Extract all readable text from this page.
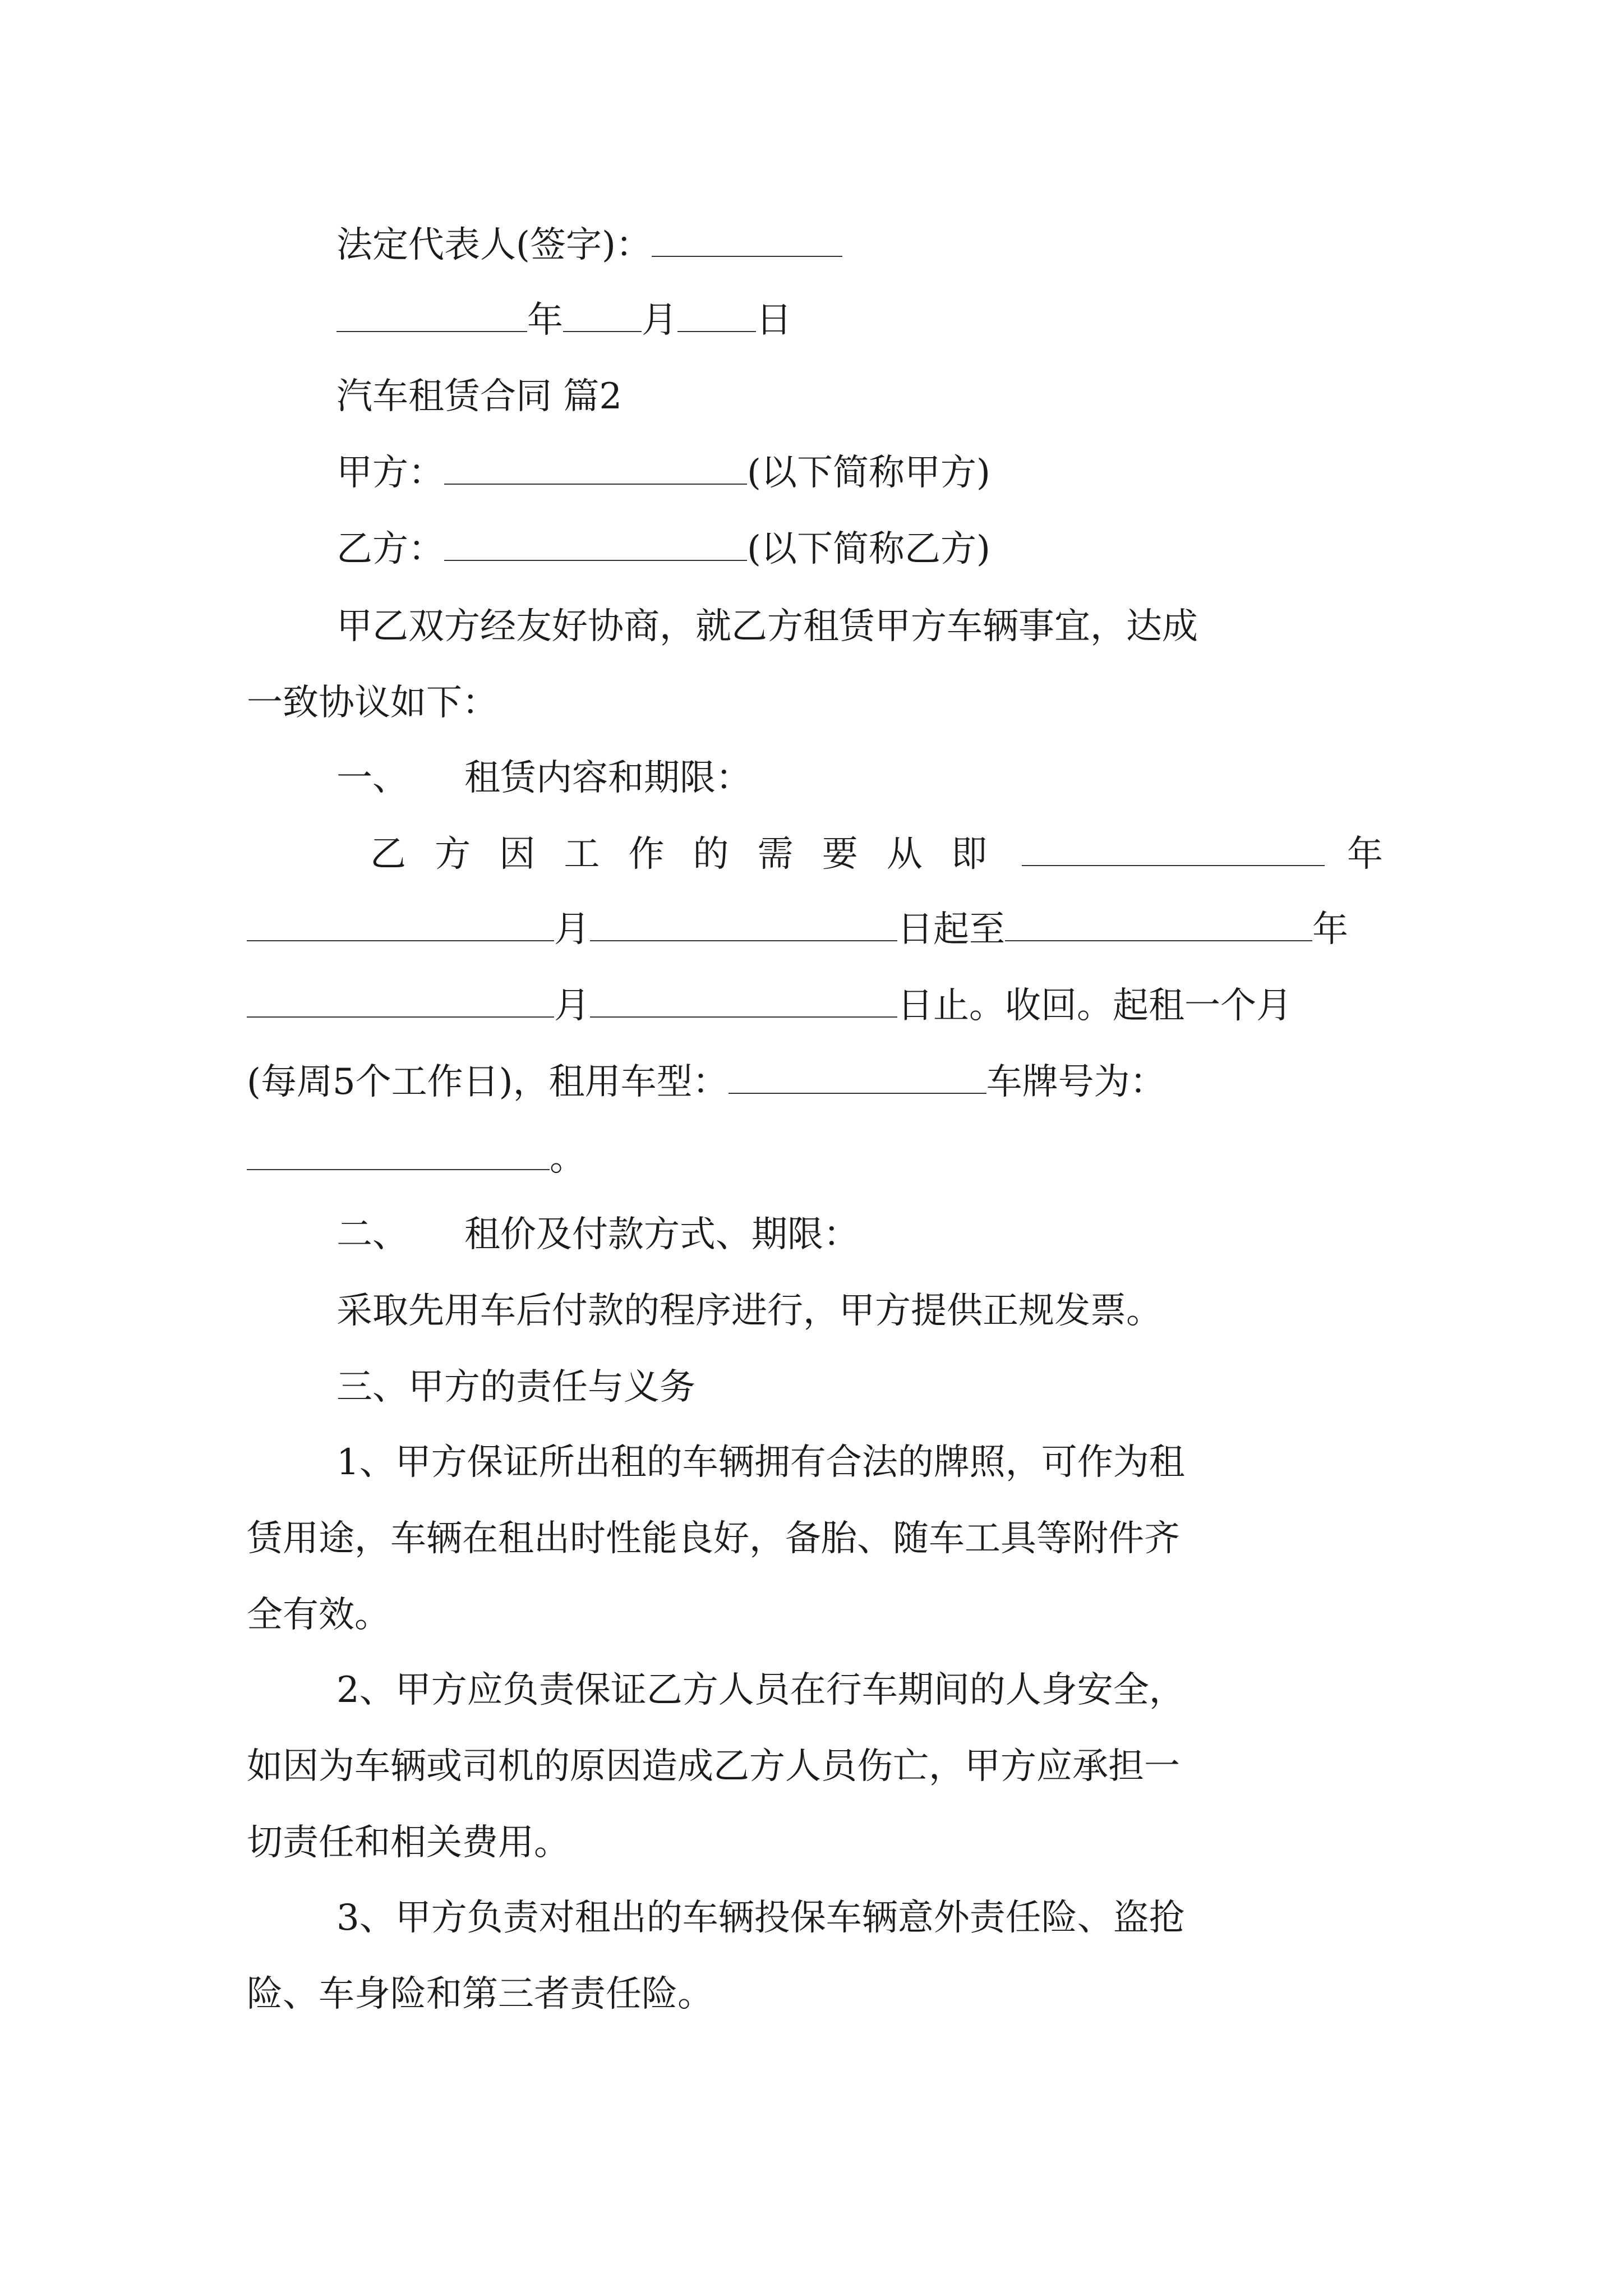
法定代表人(签字)：
年 月 日
汽车租赁合同 篇2
甲方：	(以下简称甲方)
乙方：	(以下简称乙方)
甲乙双方经友好协商，就乙方租赁甲方车辆事宜，达成
一致协议如下：
一、 租赁内容和期限：
乙 方 因 工 作 的 需 要 从 即	年
月	日起至	年
月	日止。收回。起租一个月
(每周5个工作日)，租用车型：	车牌号为：
。
二、 租价及付款方式、期限：
采取先用车后付款的程序进行，甲方提供正规发票。
三、甲方的责任与义务
1、甲方保证所出租的车辆拥有合法的牌照，可作为租
赁用途，车辆在租出时性能良好，备胎、随车工具等附件齐
全有效。
2、甲方应负责保证乙方人员在行车期间的人身安全，
如因为车辆或司机的原因造成乙方人员伤亡，甲方应承担一
切责任和相关费用。
3、甲方负责对租出的车辆投保车辆意外责任险、盗抢
险、车身险和第三者责任险。
